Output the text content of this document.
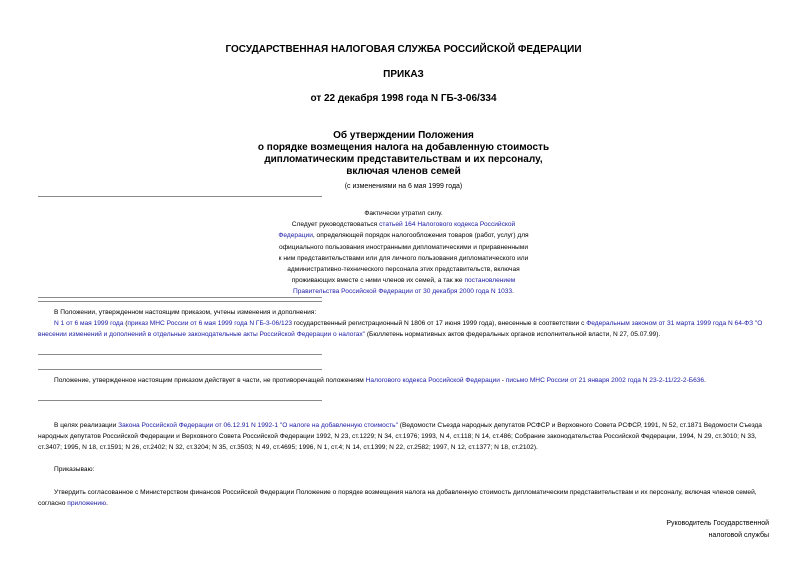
ГОСУДАРСТВЕННАЯ НАЛОГОВАЯ СЛУЖБА РОССИЙСКОЙ ФЕДЕРАЦИИ
ПРИКАЗ
от 22 декабря 1998 года N ГБ-3-06/334
Об утверждении Положения
о порядке возмещения налога на добавленную стоимость
дипломатическим представительствам и их персоналу,
включая членов семей
(с изменениями на 6 мая 1999 года)
Фактически утратил силу.
Следует руководствоваться статьей 164 Налогового кодекса Российской
Федерации, определяющей порядок налогообложения товаров (работ, услуг) для
официального пользования иностранными дипломатическими и приравненными
к ним представительствами или для личного пользования дипломатического или
административно-технического персонала этих представительств, включая
проживающих вместе с ними членов их семей, а так же постановлением
Правительства Российской Федерации от 30 декабря 2000 года N 1033.
В Положении, утвержденном настоящим приказом, учтены изменения и дополнения:
N 1 от 6 мая 1999 года (приказ МНС России от 6 мая 1999 года N ГБ-3-06/123 государственный регистрационный N 1806 от 17 июня 1999 года), внесенные в соответствии с Федеральным законом от 31 марта 1999 года N 64-ФЗ "О внесении изменений и дополнений в отдельные законодательные акты Российской Федерации о налогах" (Бюллетень нормативных актов федеральных органов исполнительной власти, N 27, 05.07.99).
Положение, утвержденное настоящим приказом действует в части, не противоречащей положениям Налогового кодекса Российской Федерации - письмо МНС России от 21 января 2002 года N 23-2-11/22-2-Б636.
В целях реализации Закона Российской Федерации от 06.12.91 N 1992-1 "О налоге на добавленную стоимость" (Ведомости Съезда народных депутатов РСФСР и Верховного Совета РСФСР, 1991, N 52, ст.1871 Ведомости Съезда народных депутатов Российской Федерации и Верховного Совета Российской Федерации 1992, N 23, ст.1229; N 34, ст.1976; 1993, N 4, ст.118; N 14, ст.486; Собрание законодательства Российской Федерации, 1994, N 29, ст.3010; N 33, ст.3407; 1995, N 18, ст.1591; N 26, ст.2402; N 32, ст.3204; N 35, ст.3503; N 49, ст.4695; 1996, N 1, ст.4; N 14, ст.1399; N 22, ст.2582; 1997, N 12, ст.1377; N 18, ст.2102).
Приказываю:
Утвердить согласованное с Министерством финансов Российской Федерации Положение о порядке возмещения налога на добавленную стоимость дипломатическим представительствам и их персоналу, включая членов семей, согласно приложению.
Руководитель Государственной
налоговой службы
